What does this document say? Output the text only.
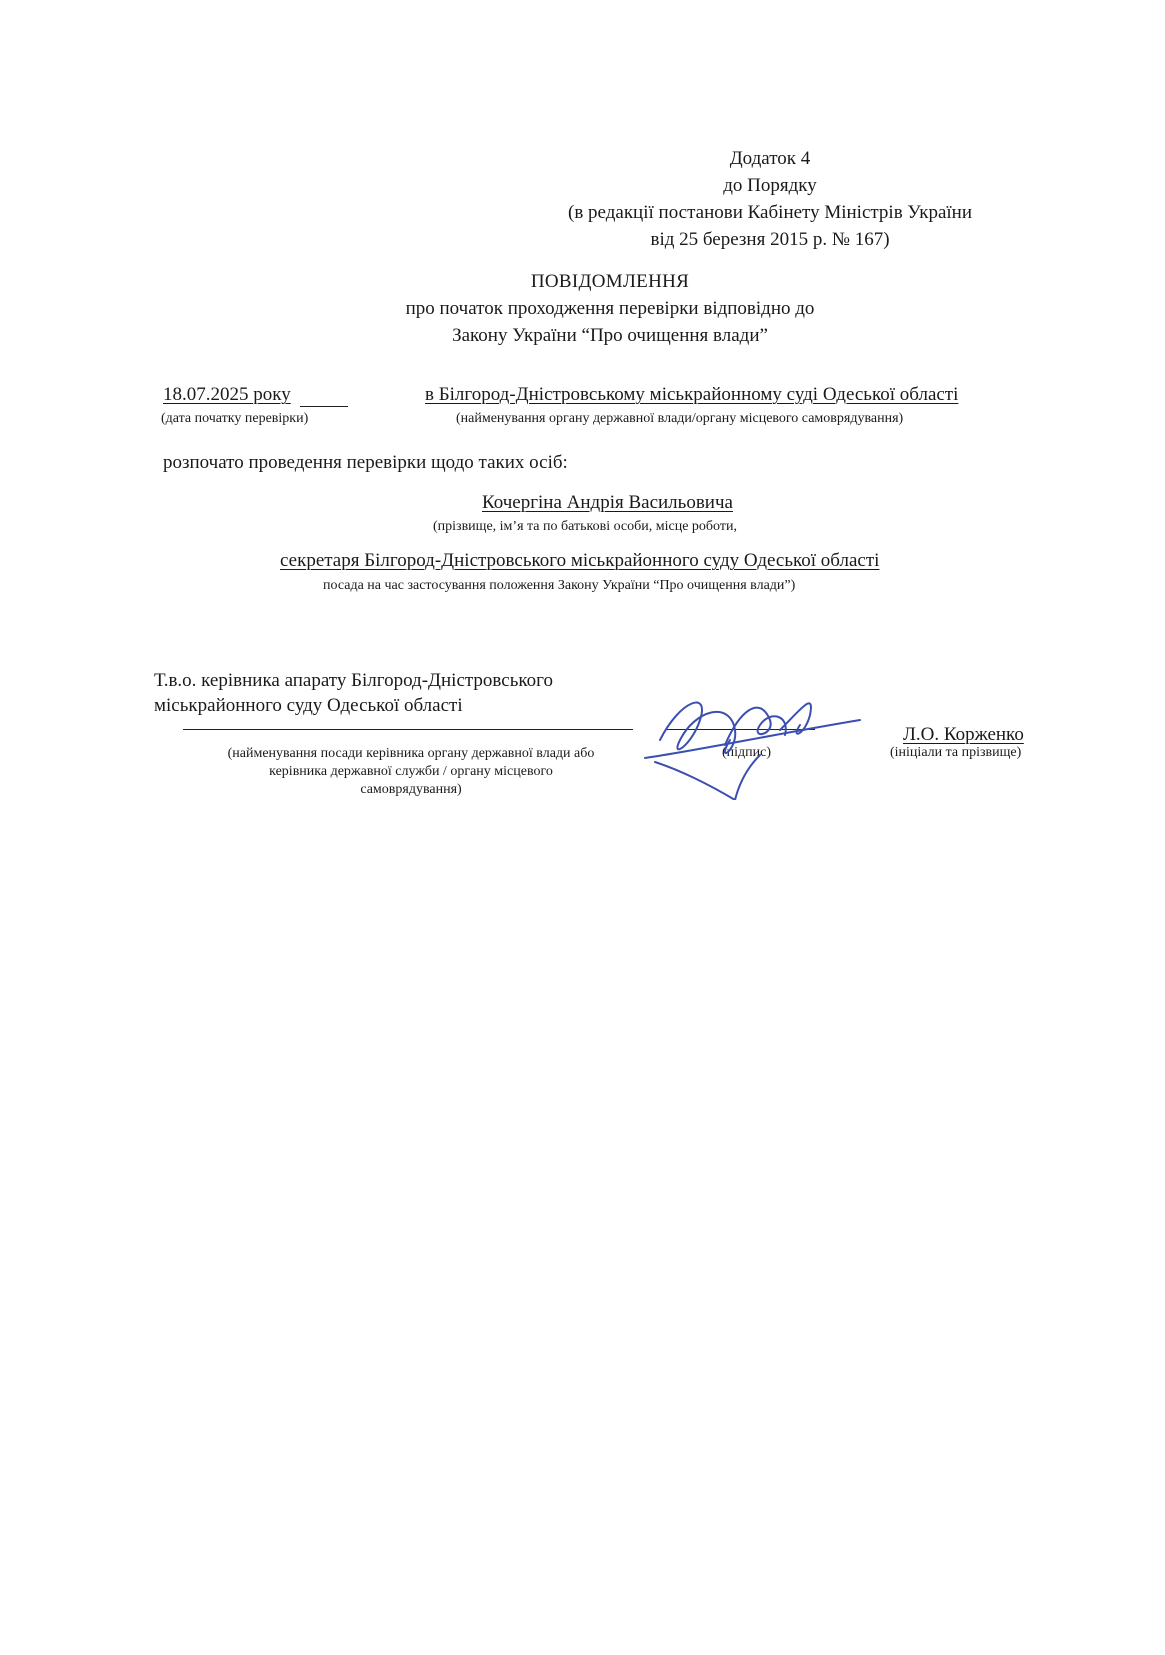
Додаток 4
до Порядку
(в редакції постанови Кабінету Міністрів України
від 25 березня 2015 р. № 167)
ПОВІДОМЛЕННЯ
про початок проходження перевірки відповідно до
Закону України “Про очищення влади”
18.07.2025 року
(дата початку перевірки)
в Білгород-Дністровському міськрайонному суді Одеської області
(найменування органу державної влади/органу місцевого самоврядування)
розпочато проведення перевірки щодо таких осіб:
Кочергіна Андрія Васильовича
(прізвище, ім’я та по батькові особи, місце роботи,
секретаря Білгород-Дністровського міськрайонного суду Одеської області
посада на час застосування положення Закону України “Про очищення влади”)
Т.в.о. керівника апарату Білгород-Дністровського
міськрайонного суду Одеської області
(найменування посади керівника органу державної влади або
керівника державної служби / органу місцевого
самоврядування)
(підпис)
Л.О. Корженко
(ініціали та прізвище)
